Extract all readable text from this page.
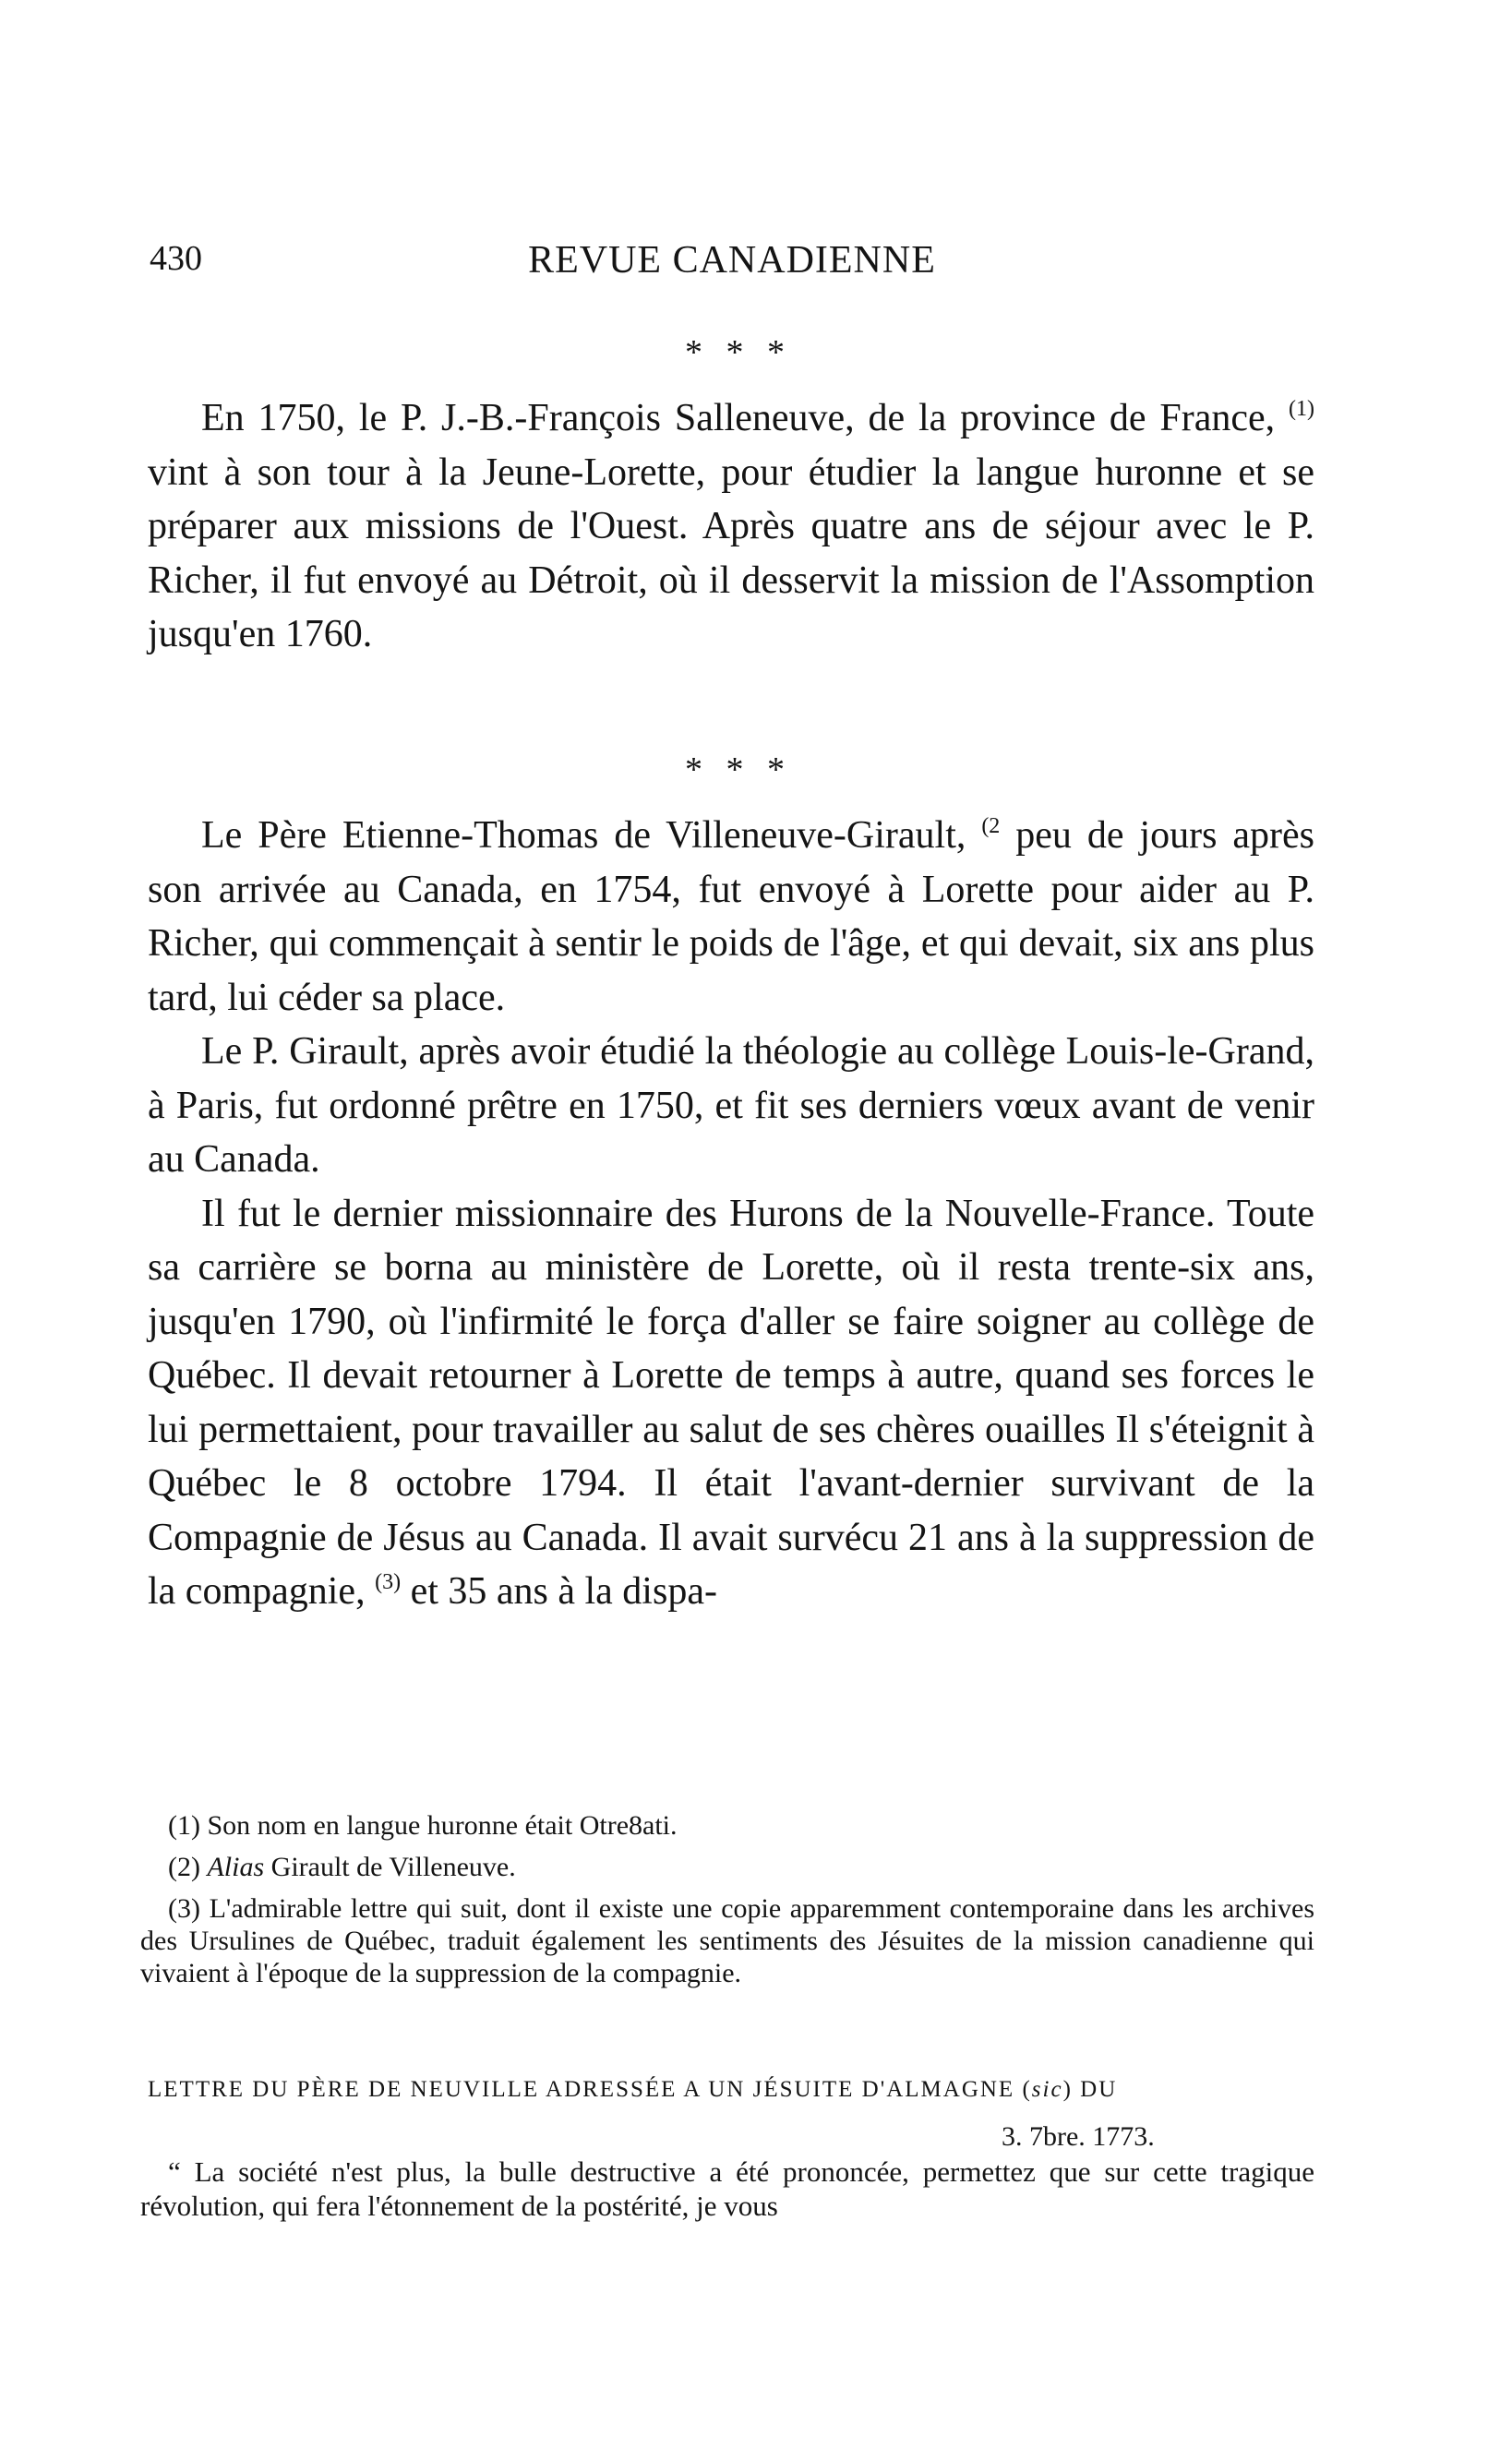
430	REVUE CANADIENNE
* * *

En 1750, le P. J.-B.-François Salleneuve, de la province de France, $^{(1)}$ vint à son tour à la Jeune-Lorette, pour étudier la langue huronne et se préparer aux missions de l'Ouest. Après quatre ans de séjour avec le P. Richer, il fut envoyé au Détroit, où il desservit la mission de l'Assomption jusqu'en 1760.

* * *

Le Père Etienne-Thomas de Villeneuve-Girault, $^{(2}$ peu de jours après son arrivée au Canada, en 1754, fut envoyé à Lorette pour aider au P. Richer, qui commençait à sentir le poids de l'âge, et qui devait, six ans plus tard, lui céder sa place.

Le P. Girault, après avoir étudié la théologie au collège Louis-le-Grand, à Paris, fut ordonné prêtre en 1750, et fit ses derniers vœux avant de venir au Canada.

Il fut le dernier missionnaire des Hurons de la Nouvelle-France. Toute sa carrière se borna au ministère de Lorette, où il resta trente-six ans, jusqu'en 1790, où l'infirmité le força d'aller se faire soigner au collège de Québec. Il devait retourner à Lorette de temps à autre, quand ses forces le lui permettaient, pour travailler au salut de ses chères ouailles Il s'éteignit à Québec le 8 octobre 1794. Il était l'avant-dernier survivant de la Compagnie de Jésus au Canada. Il avait survécu 21 ans à la suppression de la compagnie, $^{(3)}$ et 35 ans à la dispa-

(1) Son nom en langue huronne était Otre8ati.

(2) Alias Girault de Villeneuve.

(3) L'admirable lettre qui suit, dont il existe une copie apparemment contemporaine dans les archives des Ursulines de Québec, traduit également les sentiments des Jésuites de la mission canadienne qui vivaient à l'époque de la suppression de la compagnie.

LETTRE DU PÈRE DE NEUVILLE ADRESSÉE A UN JÉSUITE D'ALMAGNE (sic) DU
3. 7bre. 1773.

“ La société n'est plus, la bulle destructive a été prononcée, permettez que sur cette tragique révolution, qui fera l'étonnement de la postérité, je vous
